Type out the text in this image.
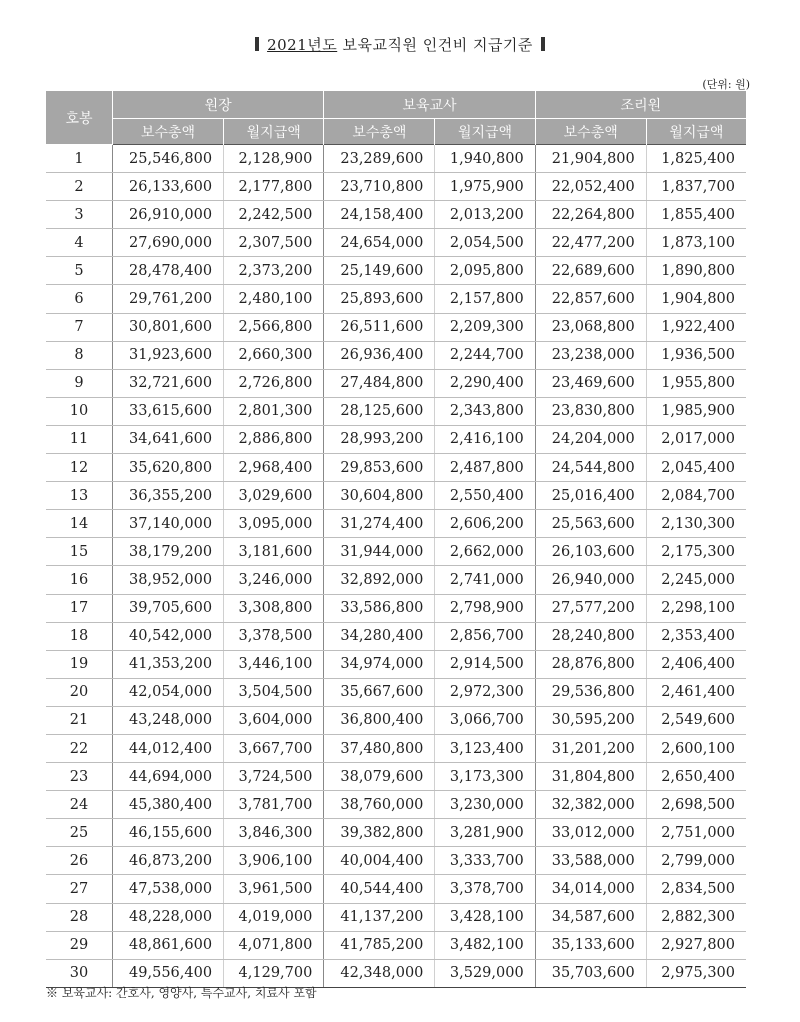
2021년도 보육교직원 인건비 지급기준
(단위: 원)
호봉	원장		보육교사		조리원	
	보수총액	월지급액	보수총액	월지급액	보수총액	월지급액
1	25,546,800	2,128,900	23,289,600	1,940,800	21,904,800	1,825,400
2	26,133,600	2,177,800	23,710,800	1,975,900	22,052,400	1,837,700
3	26,910,000	2,242,500	24,158,400	2,013,200	22,264,800	1,855,400
4	27,690,000	2,307,500	24,654,000	2,054,500	22,477,200	1,873,100
5	28,478,400	2,373,200	25,149,600	2,095,800	22,689,600	1,890,800
6	29,761,200	2,480,100	25,893,600	2,157,800	22,857,600	1,904,800
7	30,801,600	2,566,800	26,511,600	2,209,300	23,068,800	1,922,400
8	31,923,600	2,660,300	26,936,400	2,244,700	23,238,000	1,936,500
9	32,721,600	2,726,800	27,484,800	2,290,400	23,469,600	1,955,800
10	33,615,600	2,801,300	28,125,600	2,343,800	23,830,800	1,985,900
11	34,641,600	2,886,800	28,993,200	2,416,100	24,204,000	2,017,000
12	35,620,800	2,968,400	29,853,600	2,487,800	24,544,800	2,045,400
13	36,355,200	3,029,600	30,604,800	2,550,400	25,016,400	2,084,700
14	37,140,000	3,095,000	31,274,400	2,606,200	25,563,600	2,130,300
15	38,179,200	3,181,600	31,944,000	2,662,000	26,103,600	2,175,300
16	38,952,000	3,246,000	32,892,000	2,741,000	26,940,000	2,245,000
17	39,705,600	3,308,800	33,586,800	2,798,900	27,577,200	2,298,100
18	40,542,000	3,378,500	34,280,400	2,856,700	28,240,800	2,353,400
19	41,353,200	3,446,100	34,974,000	2,914,500	28,876,800	2,406,400
20	42,054,000	3,504,500	35,667,600	2,972,300	29,536,800	2,461,400
21	43,248,000	3,604,000	36,800,400	3,066,700	30,595,200	2,549,600
22	44,012,400	3,667,700	37,480,800	3,123,400	31,201,200	2,600,100
23	44,694,000	3,724,500	38,079,600	3,173,300	31,804,800	2,650,400
24	45,380,400	3,781,700	38,760,000	3,230,000	32,382,000	2,698,500
25	46,155,600	3,846,300	39,382,800	3,281,900	33,012,000	2,751,000
26	46,873,200	3,906,100	40,004,400	3,333,700	33,588,000	2,799,000
27	47,538,000	3,961,500	40,544,400	3,378,700	34,014,000	2,834,500
28	48,228,000	4,019,000	41,137,200	3,428,100	34,587,600	2,882,300
29	48,861,600	4,071,800	41,785,200	3,482,100	35,133,600	2,927,800
30	49,556,400	4,129,700	42,348,000	3,529,000	35,703,600	2,975,300
※ 보육교사: 간호사, 영양사, 특수교사, 치료사 포함
